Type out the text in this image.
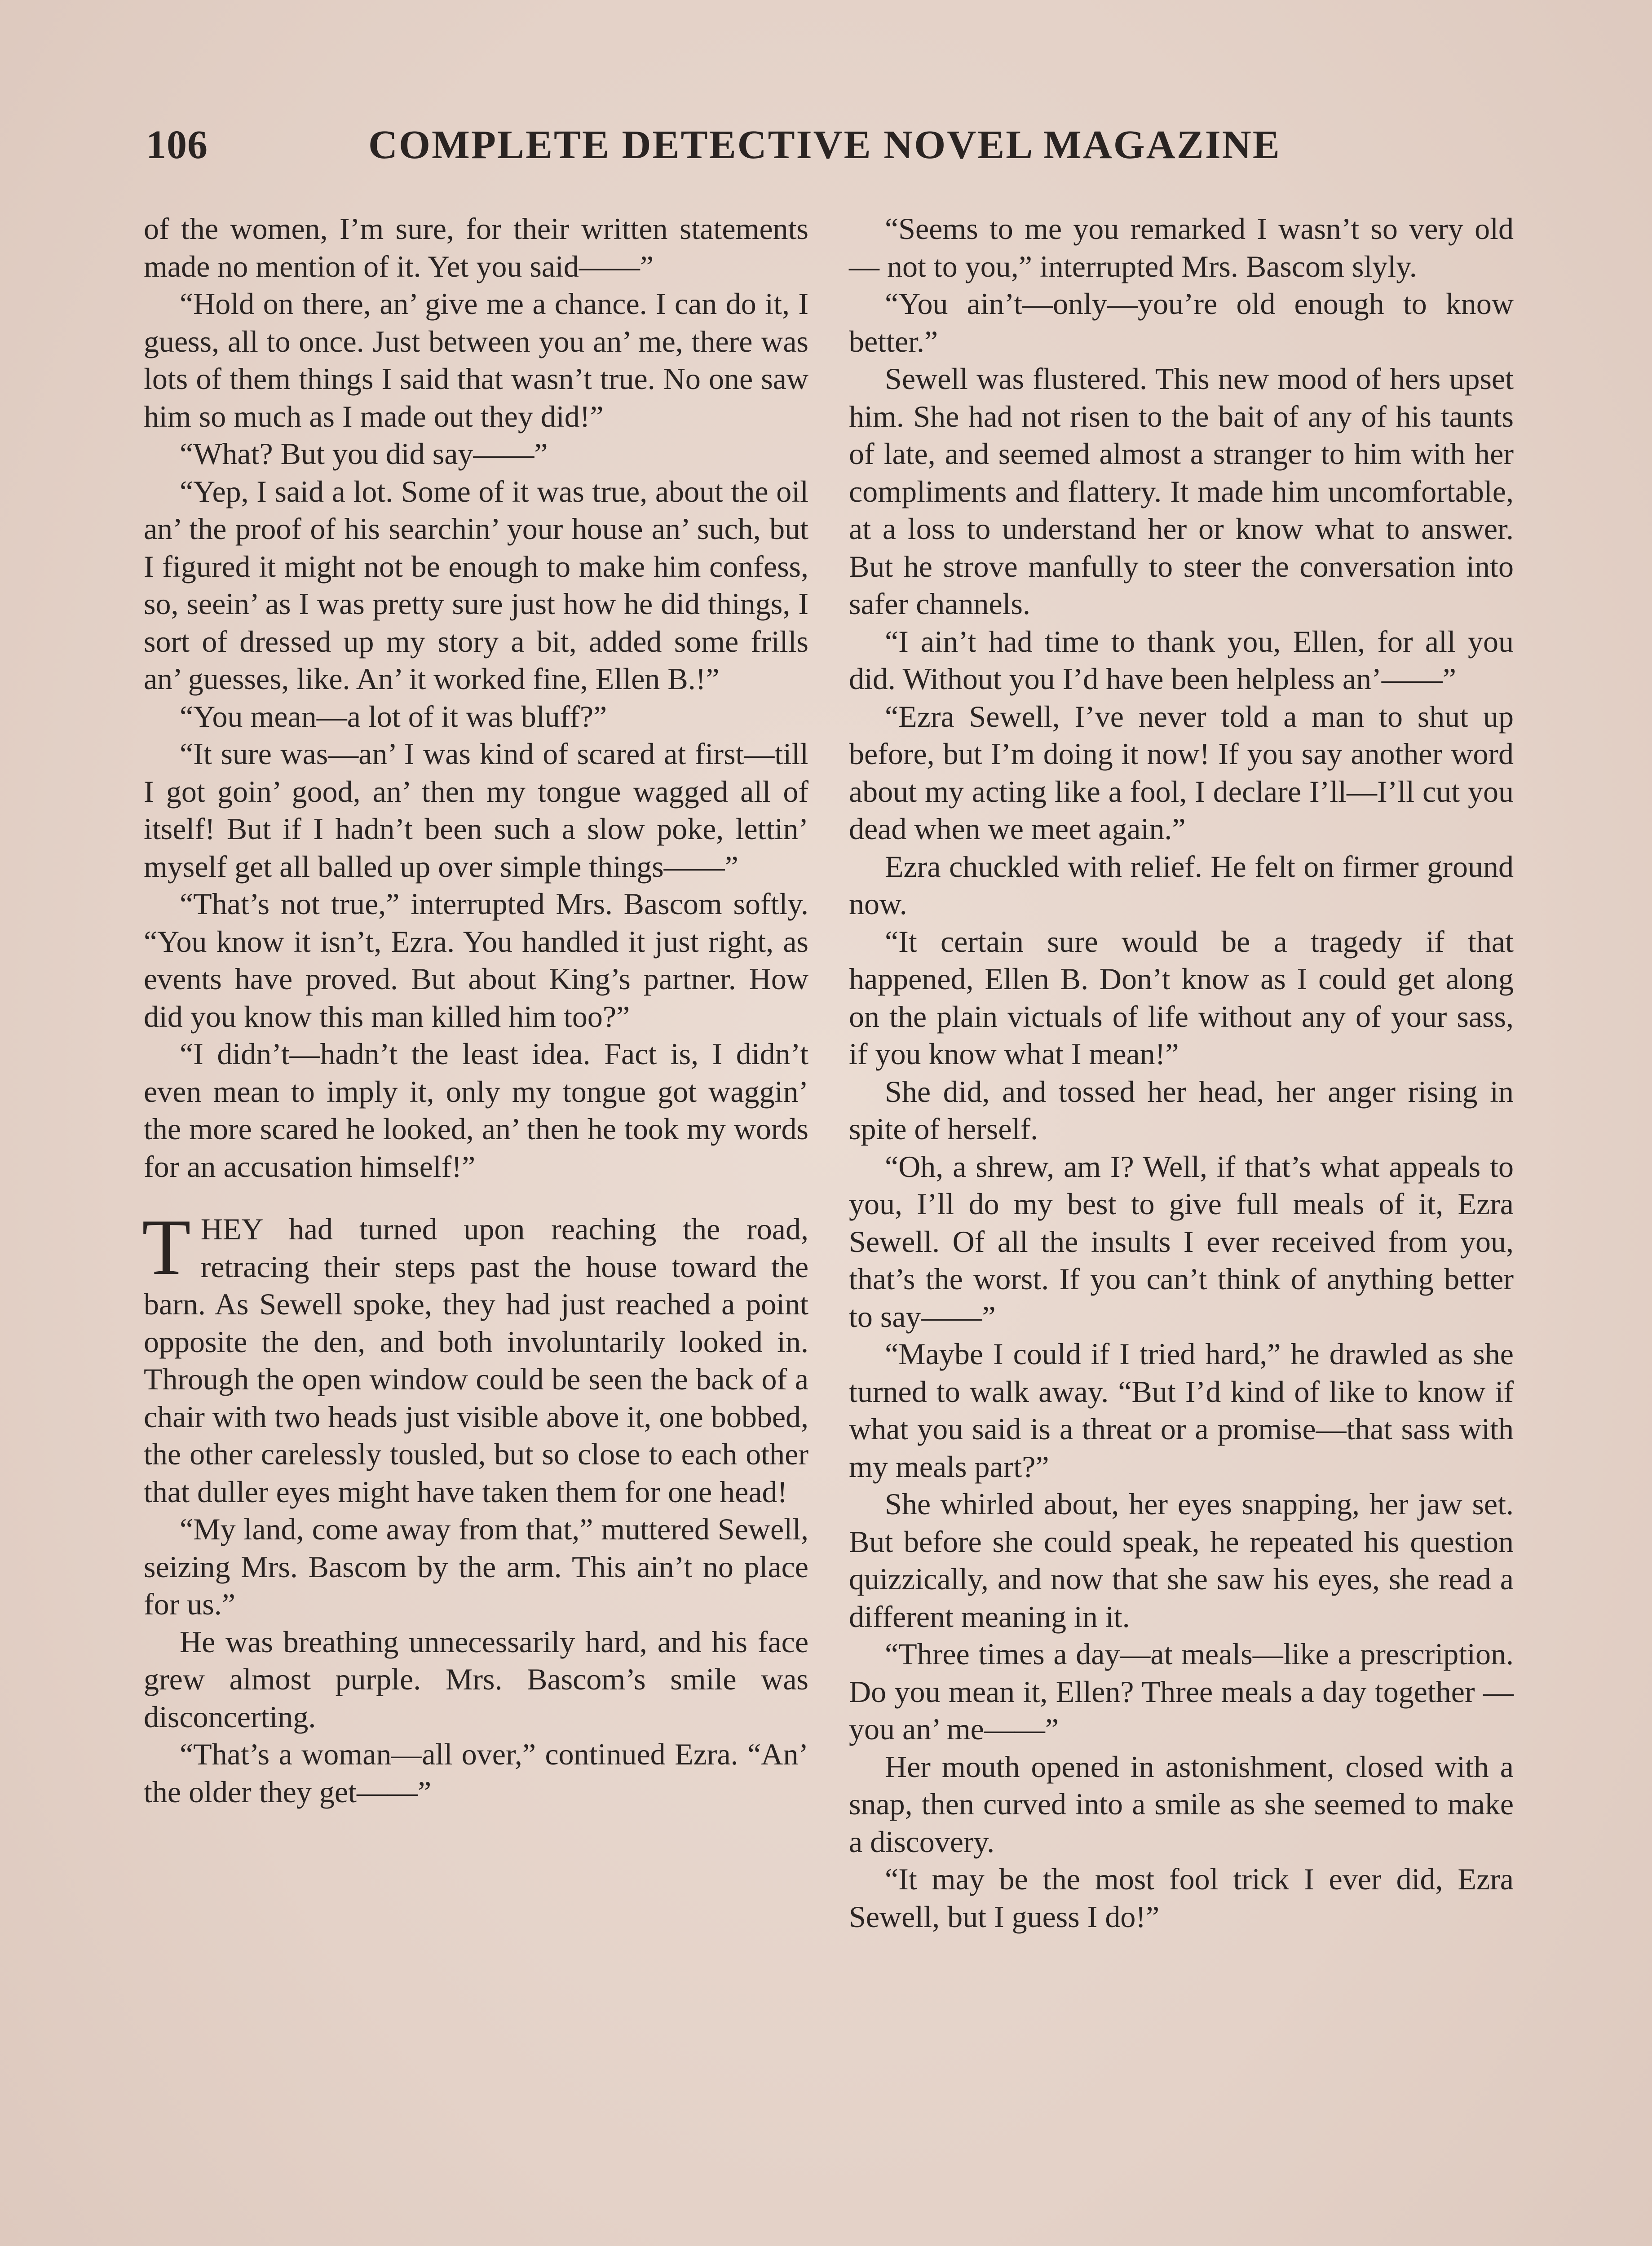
106	COMPLETE DETECTIVE NOVEL MAGAZINE

of the women, I’m sure, for their written statements made no mention of it. Yet you said——”

“Hold on there, an’ give me a chance. I can do it, I guess, all to once. Just between you an’ me, there was lots of them things I said that wasn’t true. No one saw him so much as I made out they did!”

“What? But you did say——”

“Yep, I said a lot. Some of it was true, about the oil an’ the proof of his searchin’ your house an’ such, but I figured it might not be enough to make him confess, so, seein’ as I was pretty sure just how he did things, I sort of dressed up my story a bit, added some frills an’ guesses, like. An’ it worked fine, Ellen B.!”

“You mean—a lot of it was bluff?”

“It sure was—an’ I was kind of scared at first—till I got goin’ good, an’ then my tongue wagged all of itself! But if I hadn’t been such a slow poke, lettin’ myself get all balled up over simple things——”

“That’s not true,” interrupted Mrs. Bascom softly. “You know it isn’t, Ezra. You handled it just right, as events have proved. But about King’s partner. How did you know this man killed him too?”

“I didn’t—hadn’t the least idea. Fact is, I didn’t even mean to imply it, only my tongue got waggin’ the more scared he looked, an’ then he took my words for an accusation himself!”

THEY had turned upon reaching the road, retracing their steps past the house toward the barn. As Sewell spoke, they had just reached a point opposite the den, and both involuntarily looked in. Through the open window could be seen the back of a chair with two heads just visible above it, one bobbed, the other carelessly tousled, but so close to each other that duller eyes might have taken them for one head!

“My land, come away from that,” muttered Sewell, seizing Mrs. Bascom by the arm. This ain’t no place for us.”

He was breathing unnecessarily hard, and his face grew almost purple. Mrs. Bascom’s smile was disconcerting.

“That’s a woman—all over,” continued Ezra. “An’ the older they get——”

“Seems to me you remarked I wasn’t so very old — not to you,” interrupted Mrs. Bascom slyly.

“You ain’t—only—you’re old enough to know better.”

Sewell was flustered. This new mood of hers upset him. She had not risen to the bait of any of his taunts of late, and seemed almost a stranger to him with her compliments and flattery. It made him uncomfortable, at a loss to understand her or know what to answer. But he strove manfully to steer the conversation into safer channels.

“I ain’t had time to thank you, Ellen, for all you did. Without you I’d have been helpless an’——”

“Ezra Sewell, I’ve never told a man to shut up before, but I’m doing it now! If you say another word about my acting like a fool, I declare I’ll—I’ll cut you dead when we meet again.”

Ezra chuckled with relief. He felt on firmer ground now.

“It certain sure would be a tragedy if that happened, Ellen B. Don’t know as I could get along on the plain victuals of life without any of your sass, if you know what I mean!”

She did, and tossed her head, her anger rising in spite of herself.

“Oh, a shrew, am I? Well, if that’s what appeals to you, I’ll do my best to give full meals of it, Ezra Sewell. Of all the insults I ever received from you, that’s the worst. If you can’t think of anything better to say——”

“Maybe I could if I tried hard,” he drawled as she turned to walk away. “But I’d kind of like to know if what you said is a threat or a promise—that sass with my meals part?”

She whirled about, her eyes snapping, her jaw set. But before she could speak, he repeated his question quizzically, and now that she saw his eyes, she read a different meaning in it.

“Three times a day—at meals—like a prescription. Do you mean it, Ellen? Three meals a day together — you an’ me——”

Her mouth opened in astonishment, closed with a snap, then curved into a smile as she seemed to make a discovery.

“It may be the most fool trick I ever did, Ezra Sewell, but I guess I do!”
